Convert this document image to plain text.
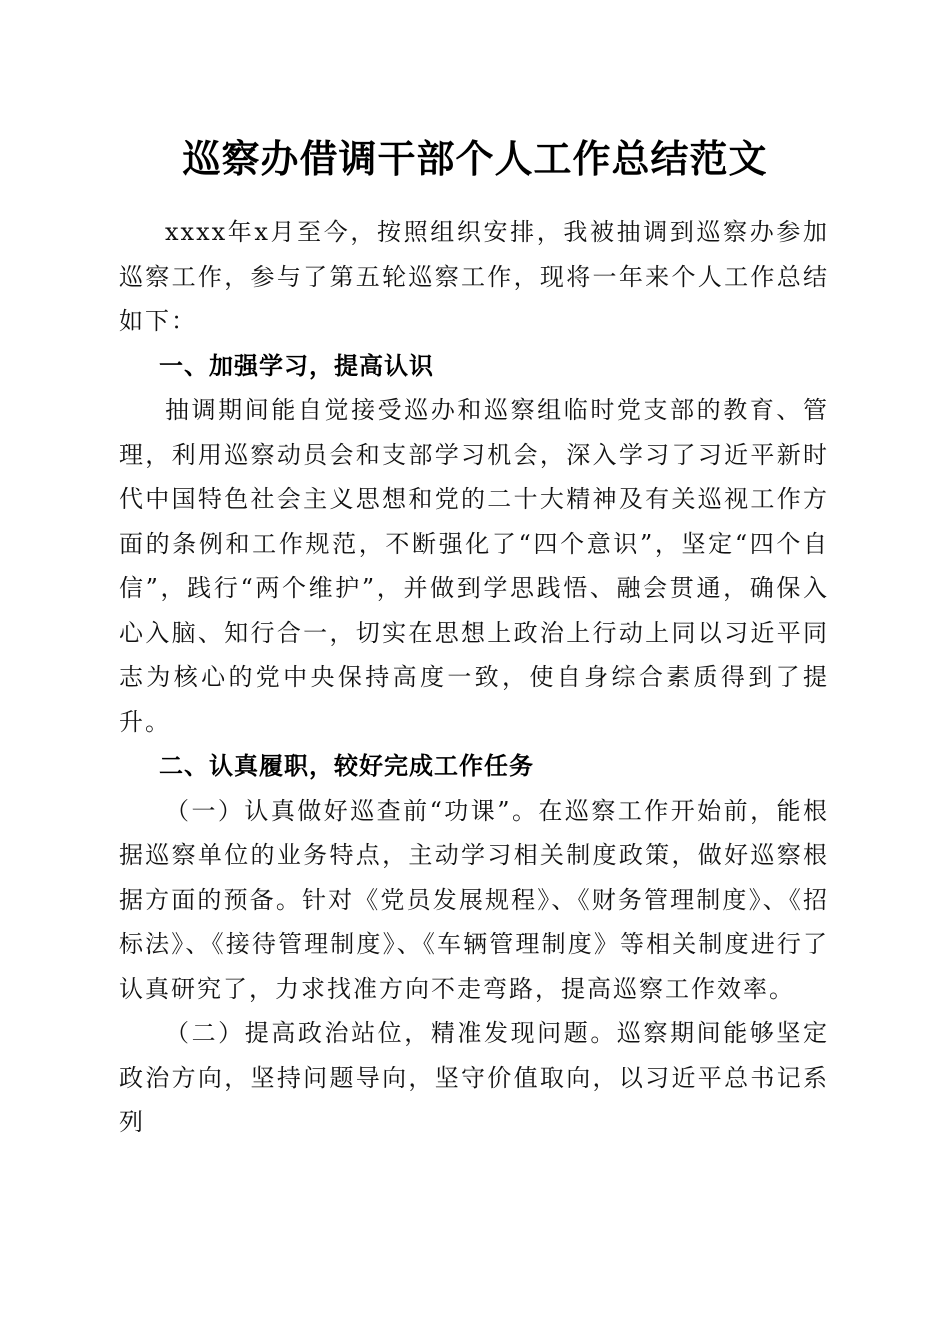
巡察办借调干部个人工作总结范文

xxxx年x月至今，按照组织安排，我被抽调到巡察办参加巡察工作，参与了第五轮巡察工作，现将一年来个人工作总结如下：

一、加强学习，提高认识

抽调期间能自觉接受巡办和巡察组临时党支部的教育、管理，利用巡察动员会和支部学习机会，深入学习了习近平新时代中国特色社会主义思想和党的二十大精神及有关巡视工作方面的条例和工作规范，不断强化了“四个意识”，坚定“四个自信”，践行“两个维护”，并做到学思践悟、融会贯通，确保入心入脑、知行合一，切实在思想上政治上行动上同以习近平同志为核心的党中央保持高度一致，使自身综合素质得到了提升。

二、认真履职，较好完成工作任务

（一）认真做好巡查前“功课”。在巡察工作开始前，能根据巡察单位的业务特点，主动学习相关制度政策，做好巡察根据方面的预备。针对《党员发展规程》、《财务管理制度》、《招标法》、《接待管理制度》、《车辆管理制度》等相关制度进行了认真研究了，力求找准方向不走弯路，提高巡察工作效率。

（二）提高政治站位，精准发现问题。巡察期间能够坚定政治方向，坚持问题导向，坚守价值取向，以习近平总书记系列
